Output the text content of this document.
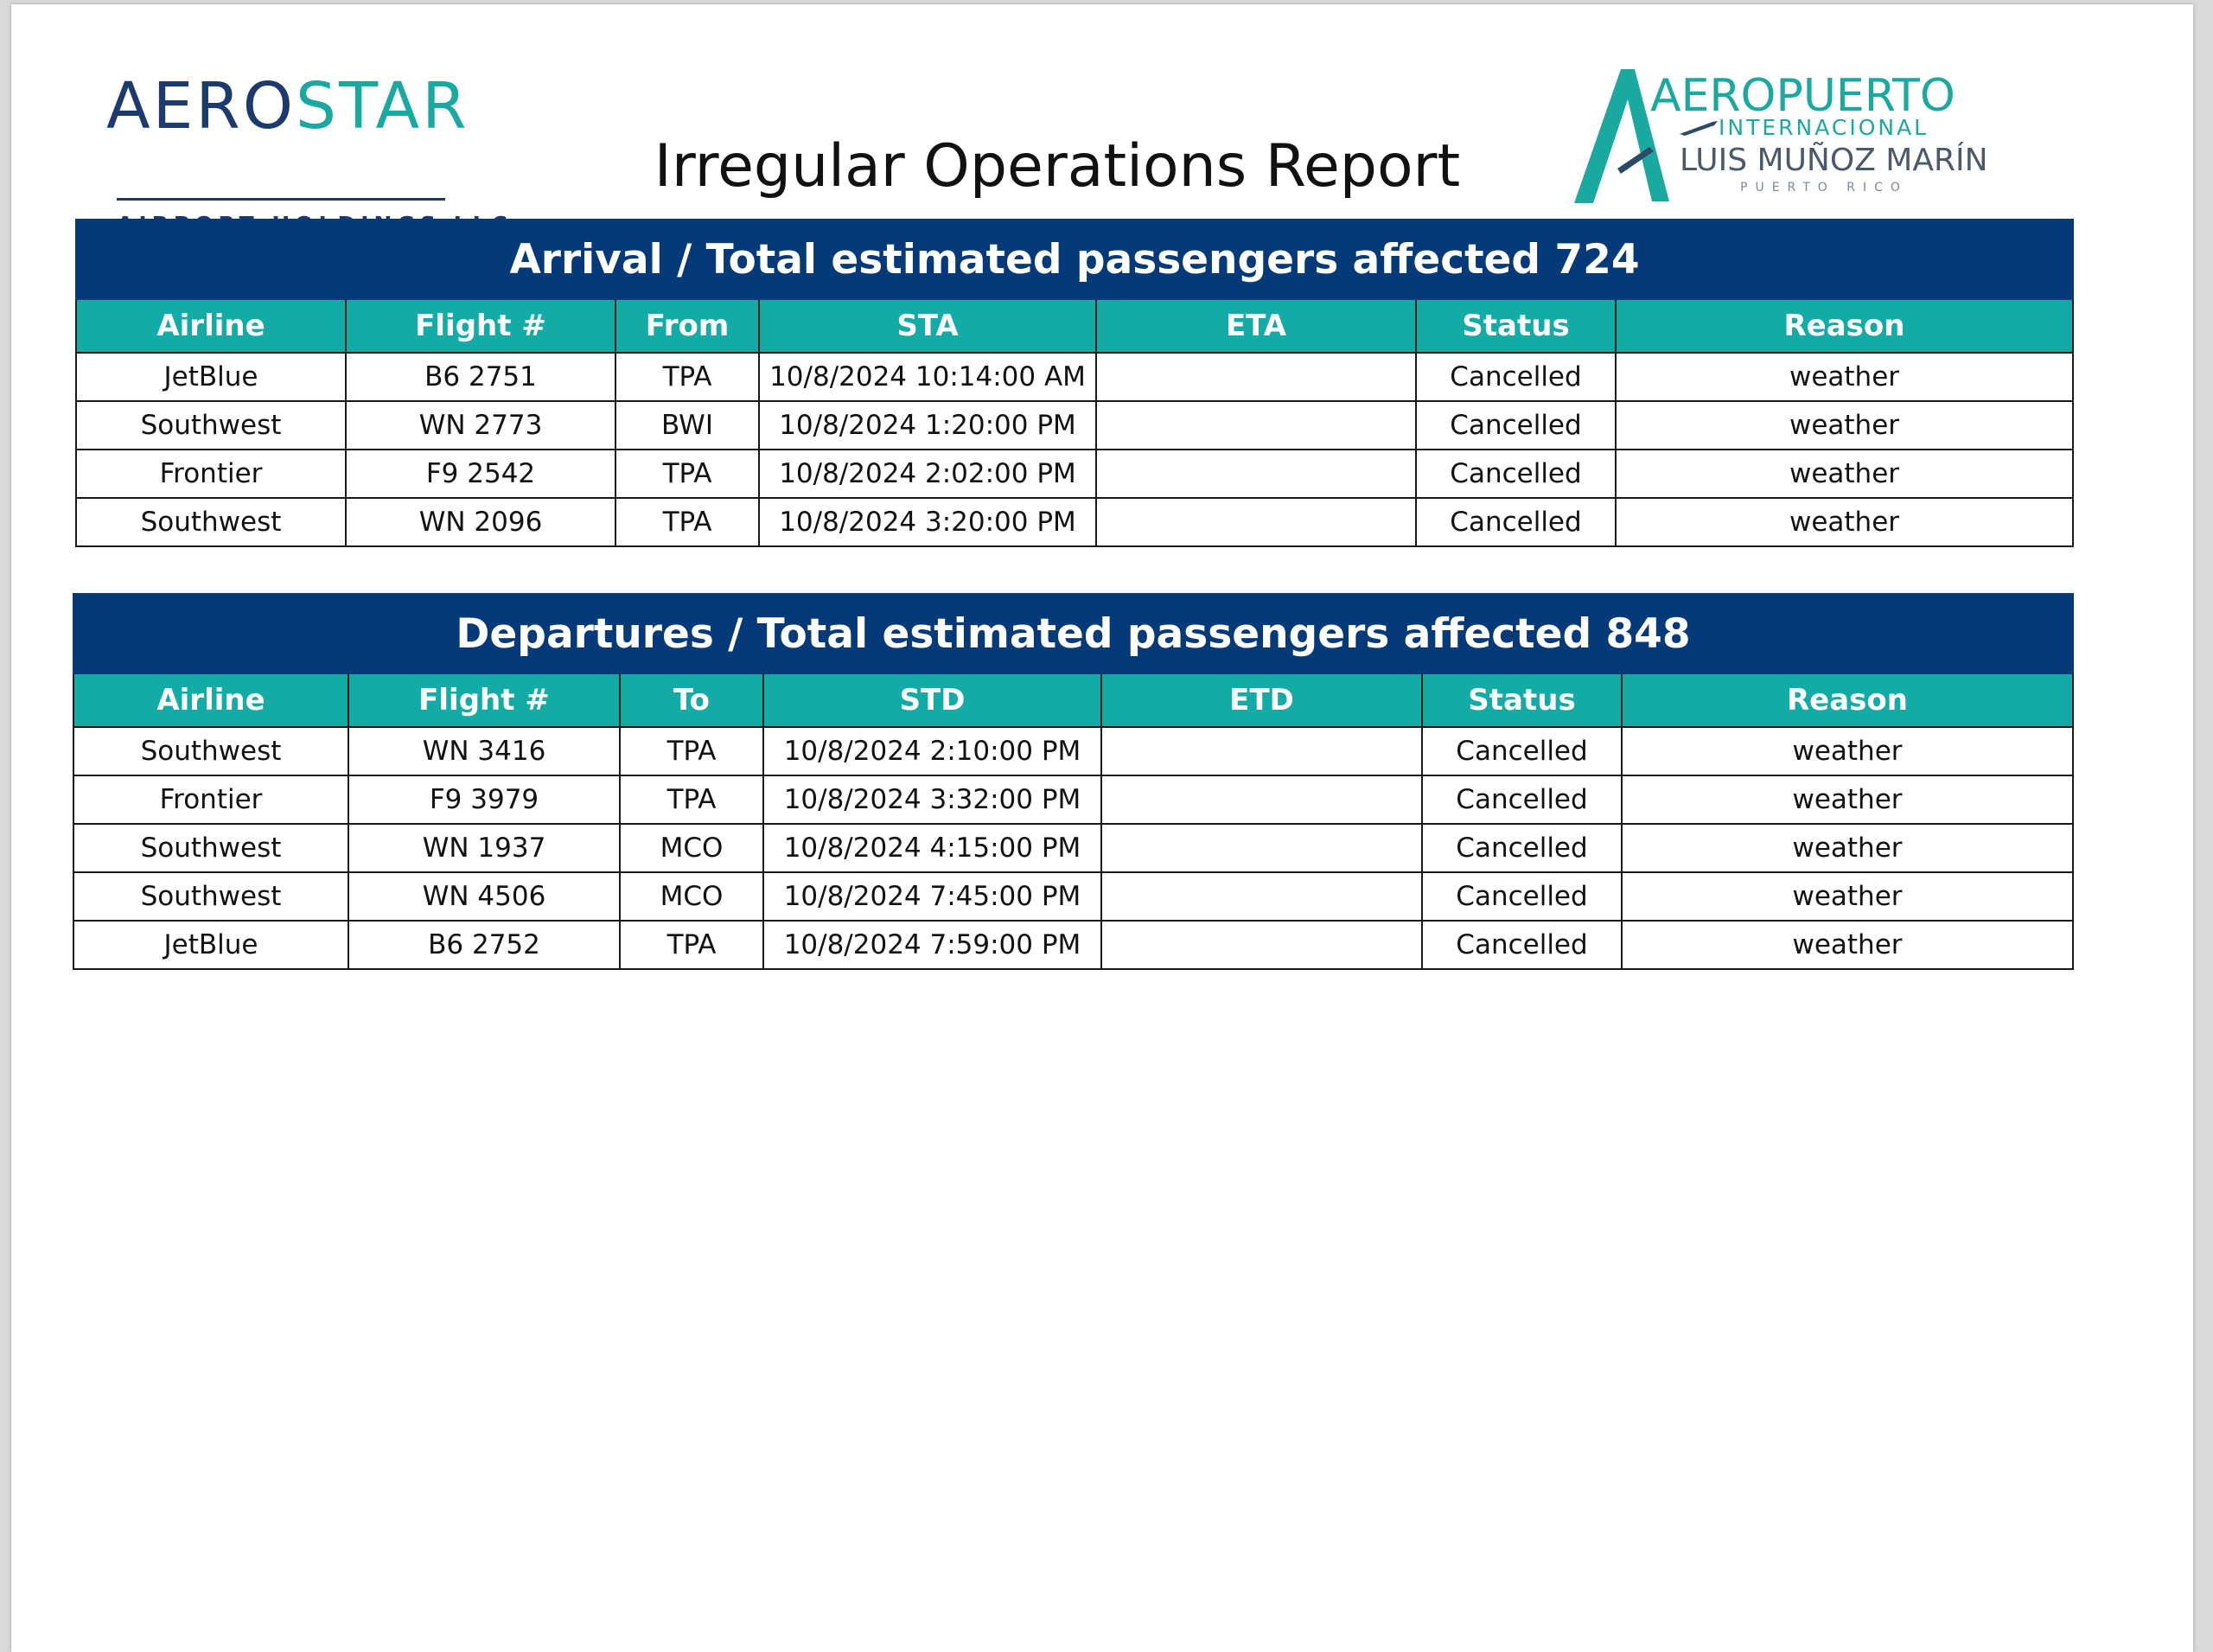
AEROSTAR
Irregular Operations Report
AEROPUERTO
INTERNACIONAL
LUIS MUÑOZ MARÍN
PUERTO RICO
Arrival / Total estimated passengers affected 724						
Airline	Flight #	From	STA	ETA	Status	Reason
JetBlue	B6 2751	TPA	10/8/2024 10:14:00 AM		Cancelled	weather
Southwest	WN 2773	BWI	10/8/2024 1:20:00 PM		Cancelled	weather
Frontier	F9 2542	TPA	10/8/2024 2:02:00 PM		Cancelled	weather
Southwest	WN 2096	TPA	10/8/2024 3:20:00 PM		Cancelled	weather
Departures / Total estimated passengers affected 848						
Airline	Flight #	To	STD	ETD	Status	Reason
Southwest	WN 3416	TPA	10/8/2024 2:10:00 PM		Cancelled	weather
Frontier	F9 3979	TPA	10/8/2024 3:32:00 PM		Cancelled	weather
Southwest	WN 1937	MCO	10/8/2024 4:15:00 PM		Cancelled	weather
Southwest	WN 4506	MCO	10/8/2024 7:45:00 PM		Cancelled	weather
JetBlue	B6 2752	TPA	10/8/2024 7:59:00 PM		Cancelled	weather
